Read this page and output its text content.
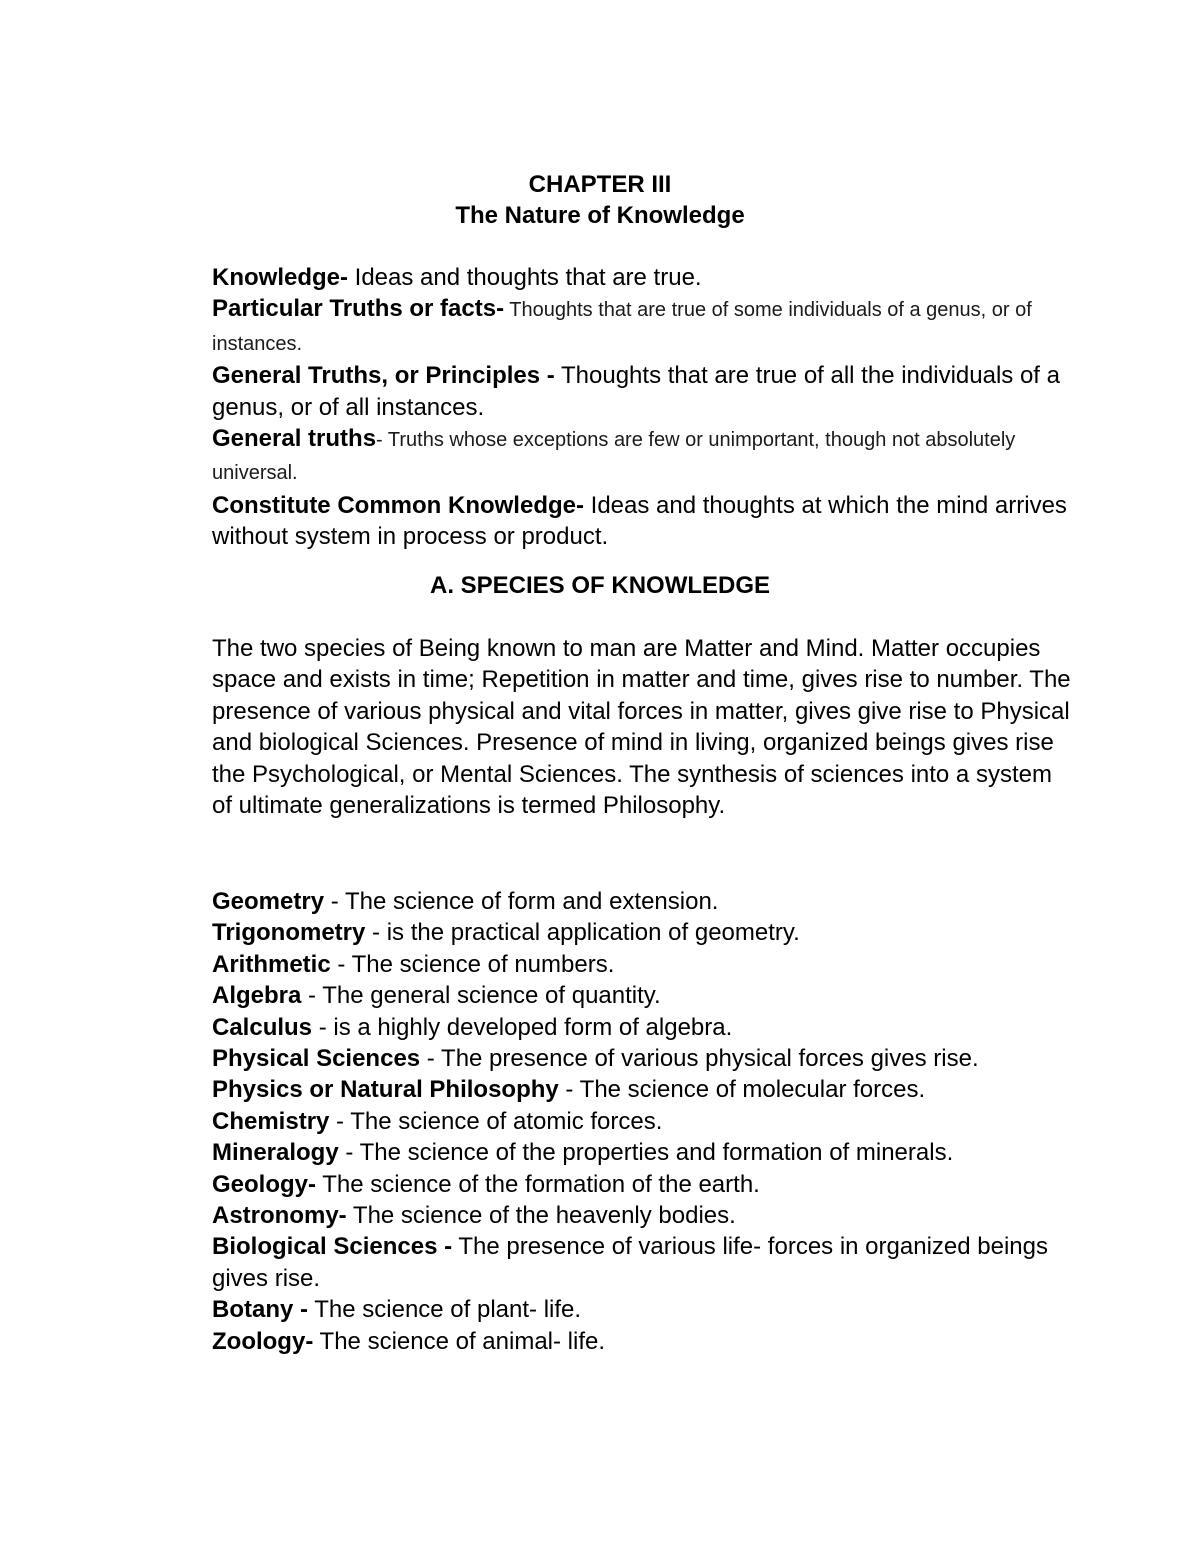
CHAPTER III
The Nature of Knowledge

Knowledge- Ideas and thoughts that are true.

Particular Truths or facts- Thoughts that are true of some individuals of a genus, or of instances.

General Truths, or Principles - Thoughts that are true of all the individuals of a genus, or of all instances.

General truths- Truths whose exceptions are few or unimportant, though not absolutely universal.

Constitute Common Knowledge- Ideas and thoughts at which the mind arrives without system in process or product.

A. SPECIES OF KNOWLEDGE

The two species of Being known to man are Matter and Mind. Matter occupies space and exists in time; Repetition in matter and time, gives rise to number. The presence of various physical and vital forces in matter, gives give rise to Physical and biological Sciences. Presence of mind in living, organized beings gives rise the Psychological, or Mental Sciences. The synthesis of sciences into a system of ultimate generalizations is termed Philosophy.

Geometry - The science of form and extension.

Trigonometry - is the practical application of geometry.

Arithmetic - The science of numbers.

Algebra - The general science of quantity.

Calculus - is a highly developed form of algebra.

Physical Sciences - The presence of various physical forces gives rise.

Physics or Natural Philosophy - The science of molecular forces.

Chemistry - The science of atomic forces.

Mineralogy - The science of the properties and formation of minerals.

Geology- The science of the formation of the earth.

Astronomy- The science of the heavenly bodies.

Biological Sciences - The presence of various life- forces in organized beings gives rise.

Botany - The science of plant- life.

Zoology- The science of animal- life.
